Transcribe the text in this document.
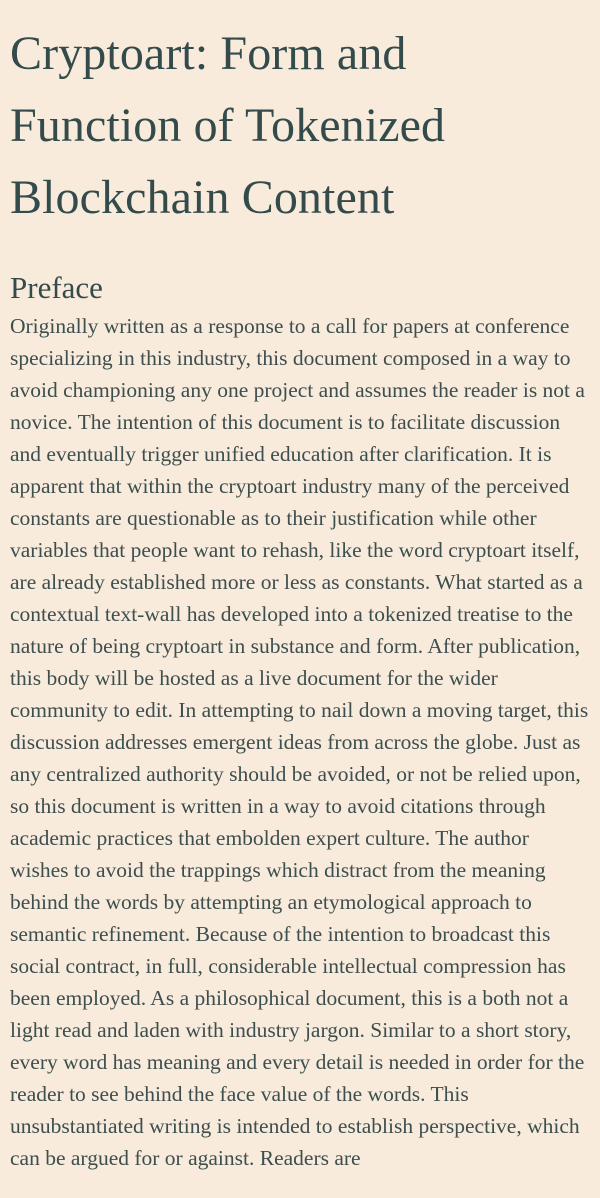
Cryptoart: Form and Function of Tokenized Blockchain Content
Preface

Originally written as a response to a call for papers at conference specializing in this industry, this document composed in a way to avoid championing any one project and assumes the reader is not a novice. The intention of this document is to facilitate discussion and eventually trigger unified education after clarification. It is apparent that within the cryptoart industry many of the perceived constants are questionable as to their justification while other variables that people want to rehash, like the word cryptoart itself, are already established more or less as constants. What started as a contextual text-wall has developed into a tokenized treatise to the nature of being cryptoart in substance and form. After publication, this body will be hosted as a live document for the wider community to edit. In attempting to nail down a moving target, this discussion addresses emergent ideas from across the globe. Just as any centralized authority should be avoided, or not be relied upon, so this document is written in a way to avoid citations through academic practices that embolden expert culture. The author wishes to avoid the trappings which distract from the meaning behind the words by attempting an etymological approach to semantic refinement. Because of the intention to broadcast this social contract, in full, considerable intellectual compression has been employed. As a philosophical document, this is a both not a light read and laden with industry jargon. Similar to a short story, every word has meaning and every detail is needed in order for the reader to see behind the face value of the words. This unsubstantiated writing is intended to establish perspective, which can be argued for or against. Readers are
